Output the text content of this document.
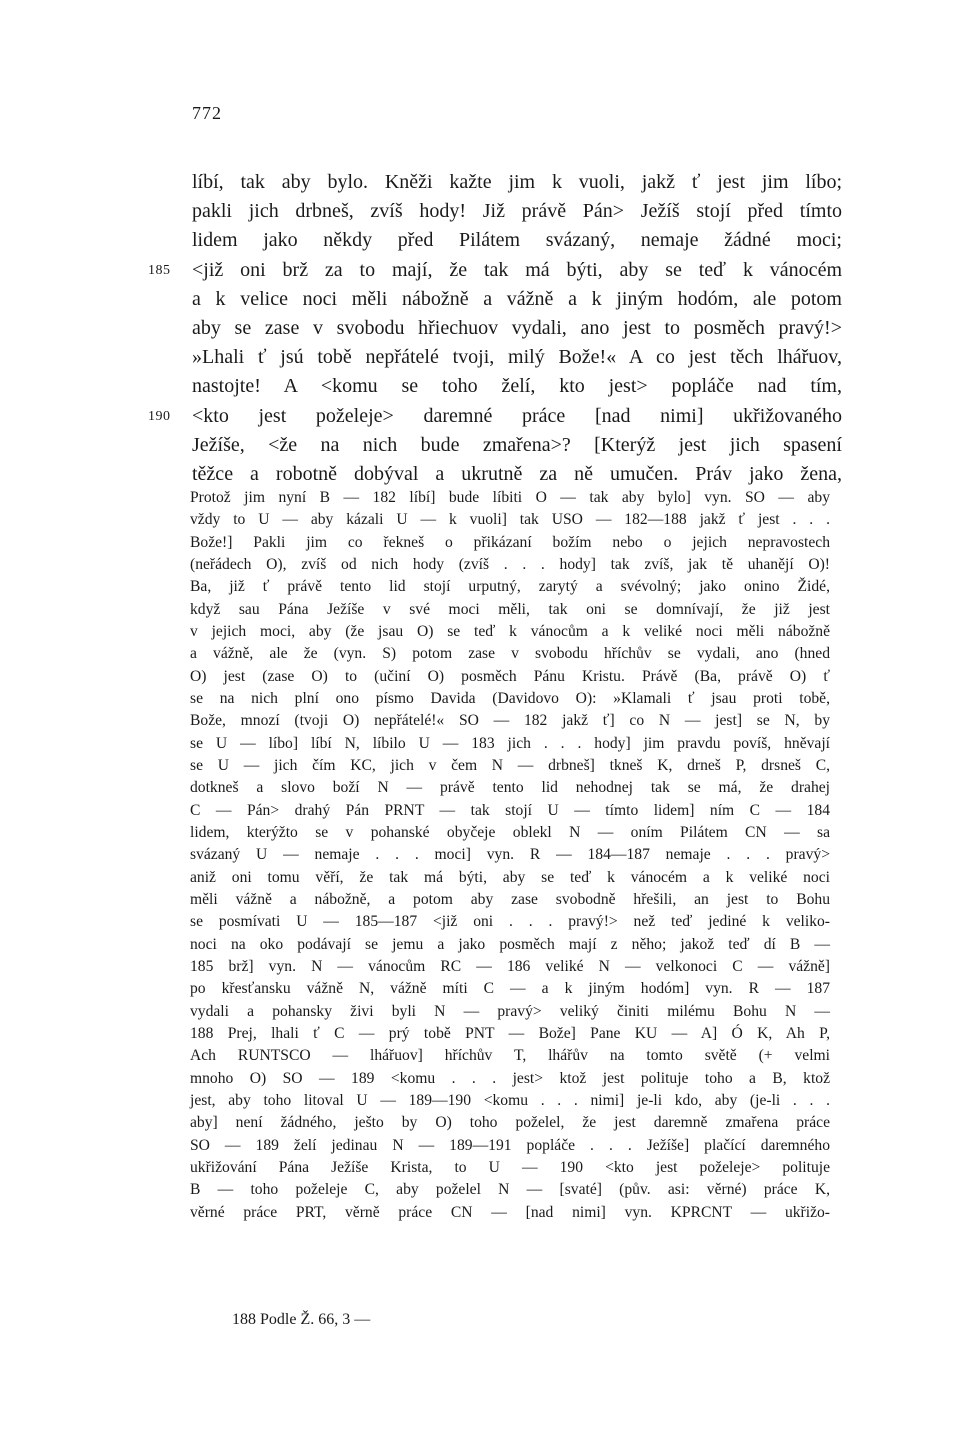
772
líbí, tak aby bylo. Kněži kažte jim k vuoli, jakž ť jest jim líbo;
pakli jich drbneš, zvíš hody! Již právě Pán> Ježíš stojí před tímto
lidem jako někdy před Pilátem svázaný, nemaje žádné moci;
185 <již oni brž za to mají, že tak má býti, aby se teď k vánocém
a k velice noci měli nábožně a vážně a k jiným hodóm, ale potom
aby se zase v svobodu hřiechuov vydali, ano jest to posměch pravý!>
»Lhali ť jsú tobě nepřátelé tvoji, milý Bože!« A co jest těch lhářuov,
nastojte! A <komu se toho želí, kto jest> popláče nad tím,
190 <kto jest poželeje> daremné práce [nad nimi] ukřižovaného
Ježíše, <že na nich bude zmařena>? [Kterýž jest jich spasení
těžce a robotně dobýval a ukrutně za ně umučen. Práv jako žena,
Protož jim nyní B — 182 líbí] bude líbiti O — tak aby bylo] vyn. SO — aby
vždy to U — aby kázali U — k vuoli] tak USO — 182—188 jakž ť jest . . .
Bože!] Pakli jim co řekneš o přikázaní božím nebo o jejich nepravostech
(neřádech O), zvíš od nich hody (zvíš . . . hody] tak zvíš, jak tě uhanějí O)!
Ba, již ť právě tento lid stojí urputný, zarytý a svévolný; jako onino Židé,
když sau Pána Ježíše v své moci měli, tak oni se domnívají, že již jest
v jejich moci, aby (že jsau O) se teď k vánocům a k veliké noci měli nábožně
a vážně, ale že (vyn. S) potom zase v svobodu hříchův se vydali, ano (hned
O) jest (zase O) to (učiní O) posměch Pánu Kristu. Právě (Ba, právě O) ť
se na nich plní ono písmo Davida (Davidovo O): »Klamali ť jsau proti tobě,
Bože, mnozí (tvoji O) nepřátelé!« SO — 182 jakž ť] co N — jest] se N, by
se U — líbo] líbí N, líbilo U — 183 jich . . . hody] jim pravdu povíš, hněvají
se U — jich čím KC, jich v čem N — drbneš] tkneš K, drneš P, drsneš C,
dotkneš a slovo boží N — právě tento lid nehodnej tak se má, že drahej
C — Pán> drahý Pán PRNT — tak stojí U — tímto lidem] ním C — 184
lidem, kterýžto se v pohanské obyčeje oblekl N — oním Pilátem CN — sa
svázaný U — nemaje . . . moci] vyn. R — 184—187 nemaje . . . pravý>
aniž oni tomu věří, že tak má býti, aby se teď k vánocém a k veliké noci
měli vážně a nábožně, a potom aby zase svobodně hřešili, an jest to Bohu
se posmívati U — 185—187 <již oni . . . pravý!> než teď jediné k veliko-
noci na oko podávají se jemu a jako posměch mají z něho; jakož teď dí B —
185 brž] vyn. N — vánocům RC — 186 veliké N — velkonoci C — vážně]
po křesťansku vážně N, vážně míti C — a k jiným hodóm] vyn. R — 187
vydali a pohansky živi byli N — pravý> veliký činiti milému Bohu N —
188 Prej, lhali ť C — prý tobě PNT — Bože] Pane KU — A] Ó K, Ah P,
Ach RUNTSCO — lhářuov] hříchův T, lhářův na tomto světě (+ velmi
mnoho O) SO — 189 <komu . . . jest> ktož jest polituje toho a B, ktož
jest, aby toho litoval U — 189—190 <komu . . . nimi] je-li kdo, aby (je-li . . .
aby] není žádného, ješto by O) toho poželel, že jest daremně zmařena práce
SO — 189 želí jedinau N — 189—191 popláče . . . Ježíše] plačící daremného
ukřižování Pána Ježíše Krista, to U — 190 <kto jest poželeje> polituje
B — toho poželeje C, aby poželel N — [svaté] (pův. asi: věrné) práce K,
věrné práce PRT, věrně práce CN — [nad nimi] vyn. KPRCNT — ukřižo-
188 Podle Ž. 66, 3 —
